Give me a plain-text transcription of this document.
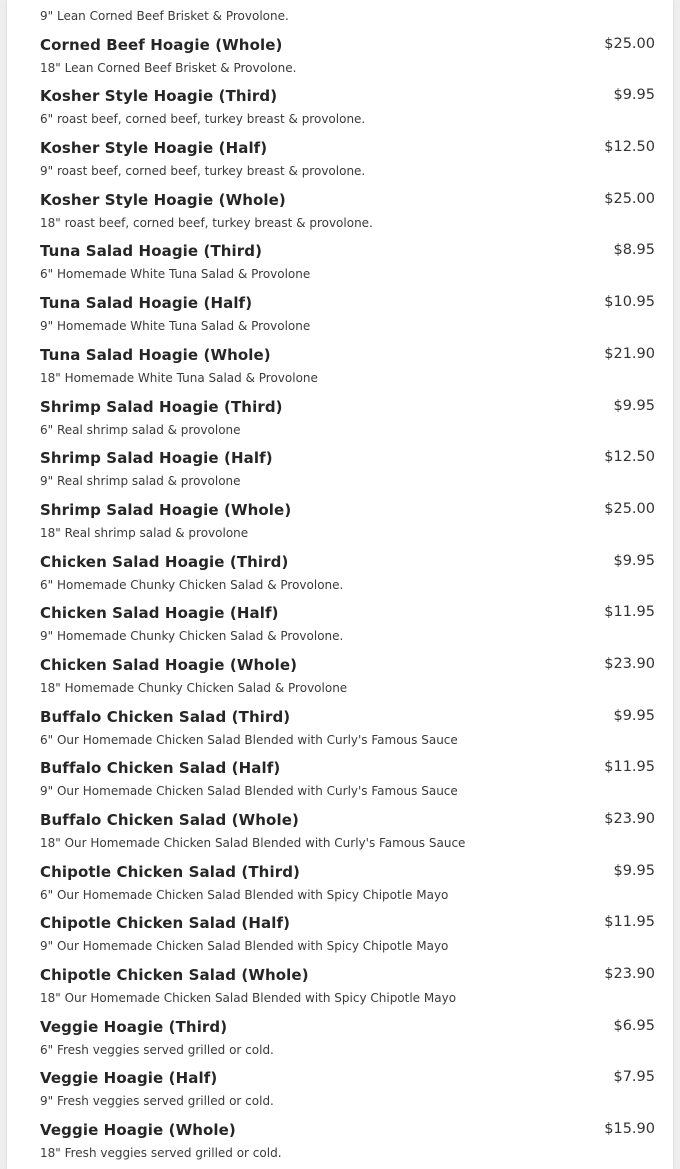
9" Lean Corned Beef Brisket & Provolone.
Corned Beef Hoagie (Whole)	$25.00
18" Lean Corned Beef Brisket & Provolone.
Kosher Style Hoagie (Third)	$9.95
6" roast beef, corned beef, turkey breast & provolone.
Kosher Style Hoagie (Half)	$12.50
9" roast beef, corned beef, turkey breast & provolone.
Kosher Style Hoagie (Whole)	$25.00
18" roast beef, corned beef, turkey breast & provolone.
Tuna Salad Hoagie (Third)	$8.95
6" Homemade White Tuna Salad & Provolone
Tuna Salad Hoagie (Half)	$10.95
9" Homemade White Tuna Salad & Provolone
Tuna Salad Hoagie (Whole)	$21.90
18" Homemade White Tuna Salad & Provolone
Shrimp Salad Hoagie (Third)	$9.95
6" Real shrimp salad & provolone
Shrimp Salad Hoagie (Half)	$12.50
9" Real shrimp salad & provolone
Shrimp Salad Hoagie (Whole)	$25.00
18" Real shrimp salad & provolone
Chicken Salad Hoagie (Third)	$9.95
6" Homemade Chunky Chicken Salad & Provolone.
Chicken Salad Hoagie (Half)	$11.95
9" Homemade Chunky Chicken Salad & Provolone.
Chicken Salad Hoagie (Whole)	$23.90
18" Homemade Chunky Chicken Salad & Provolone
Buffalo Chicken Salad (Third)	$9.95
6" Our Homemade Chicken Salad Blended with Curly's Famous Sauce
Buffalo Chicken Salad (Half)	$11.95
9" Our Homemade Chicken Salad Blended with Curly's Famous Sauce
Buffalo Chicken Salad (Whole)	$23.90
18" Our Homemade Chicken Salad Blended with Curly's Famous Sauce
Chipotle Chicken Salad (Third)	$9.95
6" Our Homemade Chicken Salad Blended with Spicy Chipotle Mayo
Chipotle Chicken Salad (Half)	$11.95
9" Our Homemade Chicken Salad Blended with Spicy Chipotle Mayo
Chipotle Chicken Salad (Whole)	$23.90
18" Our Homemade Chicken Salad Blended with Spicy Chipotle Mayo
Veggie Hoagie (Third)	$6.95
6" Fresh veggies served grilled or cold.
Veggie Hoagie (Half)	$7.95
9" Fresh veggies served grilled or cold.
Veggie Hoagie (Whole)	$15.90
18" Fresh veggies served grilled or cold.
